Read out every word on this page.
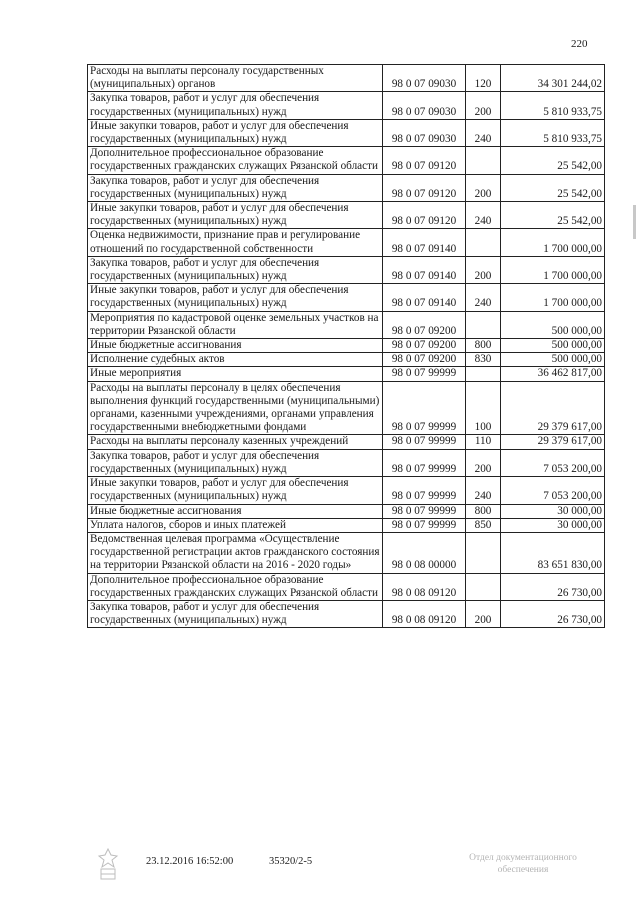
220
Расходы на выплаты персоналу государственных (муниципальных) органов	98 0 07 09030	120	34 301 244,02
Закупка товаров, работ и услуг для обеспечения государственных (муниципальных) нужд	98 0 07 09030	200	5 810 933,75
Иные закупки товаров, работ и услуг для обеспечения государственных (муниципальных) нужд	98 0 07 09030	240	5 810 933,75
Дополнительное профессиональное образование государственных гражданских служащих Рязанской области	98 0 07 09120		25 542,00
Закупка товаров, работ и услуг для обеспечения государственных (муниципальных) нужд	98 0 07 09120	200	25 542,00
Иные закупки товаров, работ и услуг для обеспечения государственных (муниципальных) нужд	98 0 07 09120	240	25 542,00
Оценка недвижимости, признание прав и регулирование отношений по государственной собственности	98 0 07 09140		1 700 000,00
Закупка товаров, работ и услуг для обеспечения государственных (муниципальных) нужд	98 0 07 09140	200	1 700 000,00
Иные закупки товаров, работ и услуг для обеспечения государственных (муниципальных) нужд	98 0 07 09140	240	1 700 000,00
Мероприятия по кадастровой оценке земельных участков на территории Рязанской области	98 0 07 09200		500 000,00
Иные бюджетные ассигнования	98 0 07 09200	800	500 000,00
Исполнение судебных актов	98 0 07 09200	830	500 000,00
Иные мероприятия	98 0 07 99999		36 462 817,00
Расходы на выплаты персоналу в целях обеспечения выполнения функций государственными (муниципальными) органами, казенными учреждениями, органами управления государственными внебюджетными фондами	98 0 07 99999	100	29 379 617,00
Расходы на выплаты персоналу казенных учреждений	98 0 07 99999	110	29 379 617,00
Закупка товаров, работ и услуг для обеспечения государственных (муниципальных) нужд	98 0 07 99999	200	7 053 200,00
Иные закупки товаров, работ и услуг для обеспечения государственных (муниципальных) нужд	98 0 07 99999	240	7 053 200,00
Иные бюджетные ассигнования	98 0 07 99999	800	30 000,00
Уплата налогов, сборов и иных платежей	98 0 07 99999	850	30 000,00
Ведомственная целевая программа «Осуществление государственной регистрации актов гражданского состояния на территории Рязанской области на 2016 - 2020 годы»	98 0 08 00000		83 651 830,00
Дополнительное профессиональное образование государственных гражданских служащих Рязанской области	98 0 08 09120		26 730,00
Закупка товаров, работ и услуг для обеспечения государственных (муниципальных) нужд	98 0 08 09120	200	26 730,00
23.12.2016 16:52:00	35320/2-5	Отдел документационного
обеспечения
